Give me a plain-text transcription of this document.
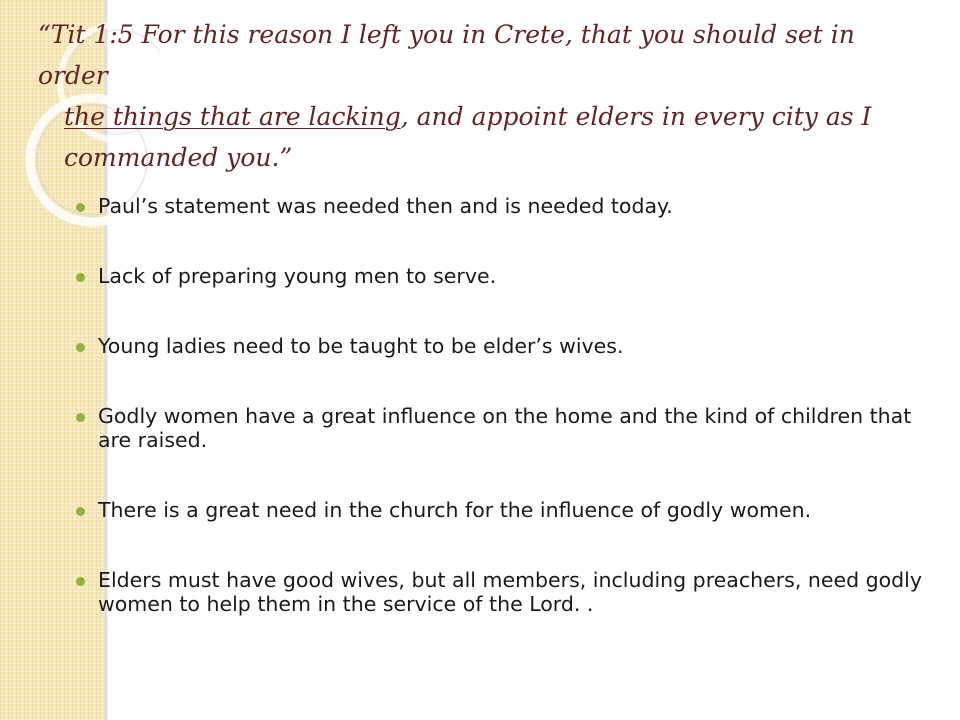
“Tit 1:5 For this reason I left you in Crete, that you should set in order
the things that are lacking, and appoint elders in every city as I
commanded you.”

Paul’s statement was needed then and is needed today.
Lack of preparing young men to serve.
Young ladies need to be taught to be elder’s wives.
Godly women have a great influence on the home and the kind of children that are raised.
There is a great need in the church for the influence of godly women.
Elders must have good wives, but all members, including preachers, need godly women to help them in the service of the Lord. .
